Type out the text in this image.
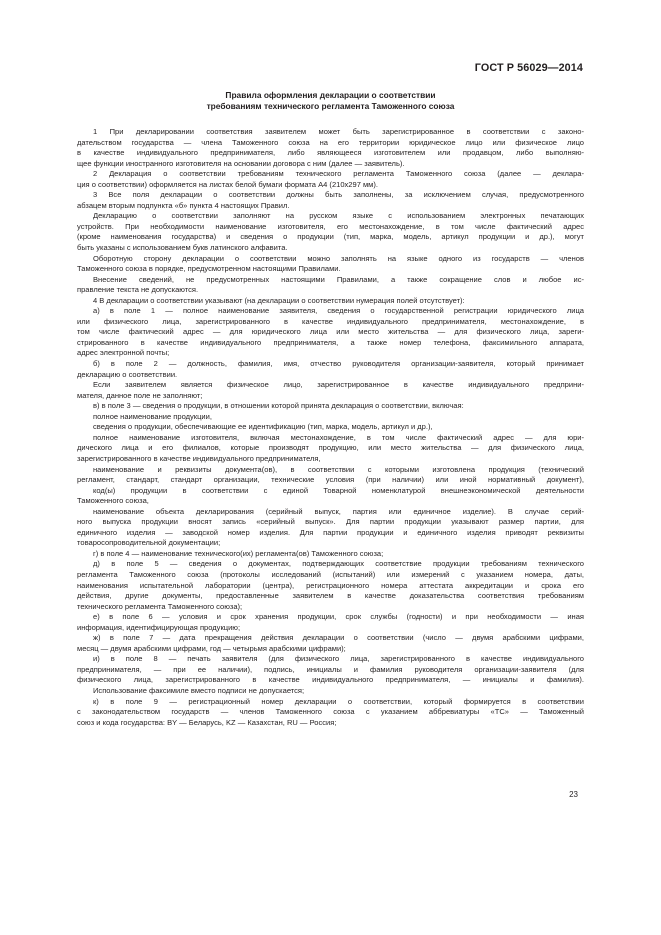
ГОСТ Р 56029—2014
Правила оформления декларации о соответствии
требованиям технического регламента Таможенного союза
1 При декларировании соответствия заявителем может быть зарегистрированное в соответствии с законо-
дательством государства — члена Таможенного союза на его территории юридическое лицо или физическое лицо
в качестве индивидуального предпринимателя, либо являющееся изготовителем или продавцом, либо выполняю-
щее функции иностранного изготовителя на основании договора с ним (далее — заявитель).
2 Декларация о соответствии требованиям технического регламента Таможенного союза (далее — деклара-
ция о соответствии) оформляется на листах белой бумаги формата А4 (210х297 мм).
3 Все поля декларации о соответствии должны быть заполнены, за исключением случая, предусмотренного
абзацем вторым подпункта «б» пункта 4 настоящих Правил.
Декларацию о соответствии заполняют на русском языке с использованием электронных печатающих
устройств. При необходимости наименование изготовителя, его местонахождение, в том числе фактический адрес
(кроме наименования государства) и сведения о продукции (тип, марка, модель, артикул продукции и др.), могут
быть указаны с использованием букв латинского алфавита.
Оборотную сторону декларации о соответствии можно заполнять на языке одного из государств — членов
Таможенного союза в порядке, предусмотренном настоящими Правилами.
Внесение сведений, не предусмотренных настоящими Правилами, а также сокращение слов и любое ис-
правление текста не допускаются.
4 В декларации о соответствии указывают (на декларации о соответствии нумерация полей отсутствует):
а) в поле 1 — полное наименование заявителя, сведения о государственной регистрации юридического лица
или физического лица, зарегистрированного в качестве индивидуального предпринимателя, местонахождение, в
том числе фактический адрес — для юридического лица или место жительства — для физического лица, зареги-
стрированного в качестве индивидуального предпринимателя, а также номер телефона, факсимильного аппарата,
адрес электронной почты;
б) в поле 2 — должность, фамилия, имя, отчество руководителя организации-заявителя, который принимает
декларацию о соответствии.
Если заявителем является физическое лицо, зарегистрированное в качестве индивидуального предприни-
мателя, данное поле не заполняют;
в) в поле 3 — сведения о продукции, в отношении которой принята декларация о соответствии, включая:
полное наименование продукции,
сведения о продукции, обеспечивающие ее идентификацию (тип, марка, модель, артикул и др.),
полное наименование изготовителя, включая местонахождение, в том числе фактический адрес — для юри-
дического лица и его филиалов, которые производят продукцию, или место жительства — для физического лица,
зарегистрированного в качестве индивидуального предпринимателя,
наименование и реквизиты документа(ов), в соответствии с которыми изготовлена продукция (технический
регламент, стандарт, стандарт организации, технические условия (при наличии) или иной нормативный документ),
код(ы) продукции в соответствии с единой Товарной номенклатурой внешнеэкономической деятельности
Таможенного союза,
наименование объекта декларирования (серийный выпуск, партия или единичное изделие). В случае серий-
ного выпуска продукции вносят запись «серийный выпуск». Для партии продукции указывают размер партии, для
единичного изделия — заводской номер изделия. Для партии продукции и единичного изделия приводят реквизиты
товаросопроводительной документации;
г) в поле 4 — наименование технического(их) регламента(ов) Таможенного союза;
д) в поле 5 — сведения о документах, подтверждающих соответствие продукции требованиям технического
регламента Таможенного союза (протоколы исследований (испытаний) или измерений с указанием номера, даты,
наименования испытательной лаборатории (центра), регистрационного номера аттестата аккредитации и срока его
действия, другие документы, предоставленные заявителем в качестве доказательства соответствия требованиям
технического регламента Таможенного союза);
е) в поле 6 — условия и срок хранения продукции, срок службы (годности) и при необходимости — иная
информация, идентифицирующая продукцию;
ж) в поле 7 — дата прекращения действия декларации о соответствии (число — двумя арабскими цифрами,
месяц — двумя арабскими цифрами, год — четырьмя арабскими цифрами);
и) в поле 8 — печать заявителя (для физического лица, зарегистрированного в качестве индивидуального
предпринимателя, — при ее наличии), подпись, инициалы и фамилия руководителя организации-заявителя (для
физического лица, зарегистрированного в качестве индивидуального предпринимателя, — инициалы и фамилия).
Использование факсимиле вместо подписи не допускается;
к) в поле 9 — регистрационный номер декларации о соответствии, который формируется в соответствии
с законодательством государств — членов Таможенного союза с указанием аббревиатуры «ТС» — Таможенный
союз и кода государства: BY — Беларусь, KZ — Казахстан, RU — Россия;
23
